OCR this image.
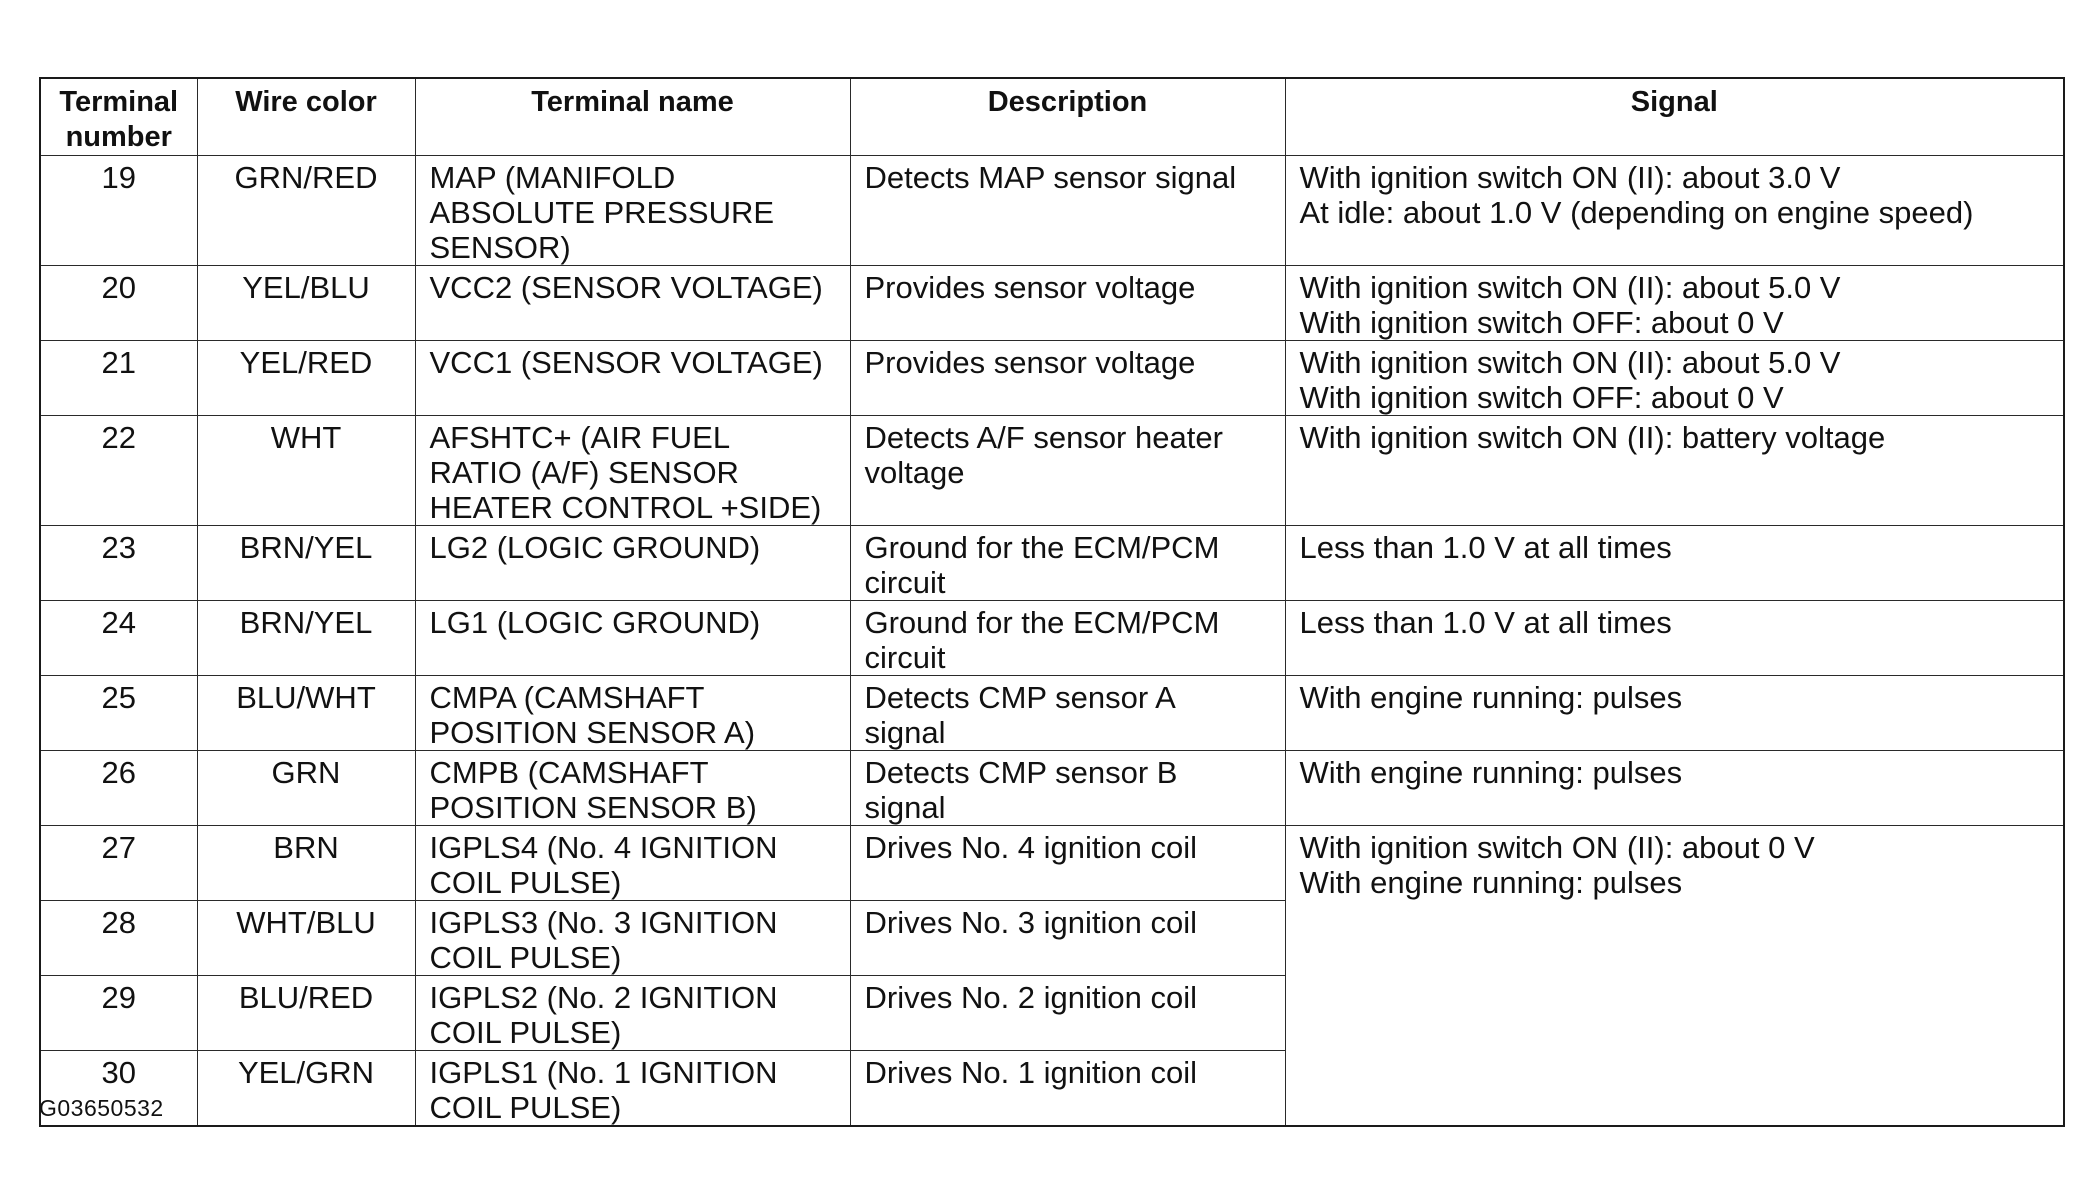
Terminal
number	Wire color	Terminal name	Description	Signal
19	GRN/RED	MAP (MANIFOLD
ABSOLUTE PRESSURE
SENSOR)	Detects MAP sensor signal	With ignition switch ON (II): about 3.0 V
At idle: about 1.0 V (depending on engine speed)

20	YEL/BLU	VCC2 (SENSOR VOLTAGE)	Provides sensor voltage	With ignition switch ON (II): about 5.0 V
With ignition switch OFF: about 0 V

21	YEL/RED	VCC1 (SENSOR VOLTAGE)	Provides sensor voltage	With ignition switch ON (II): about 5.0 V
With ignition switch OFF: about 0 V

22	WHT	AFSHTC+ (AIR FUEL
RATIO (A/F) SENSOR
HEATER CONTROL +SIDE)	Detects A/F sensor heater
voltage	With ignition switch ON (II): battery voltage

23	BRN/YEL	LG2 (LOGIC GROUND)	Ground for the ECM/PCM
circuit	Less than 1.0 V at all times

24	BRN/YEL	LG1 (LOGIC GROUND)	Ground for the ECM/PCM
circuit	Less than 1.0 V at all times

25	BLU/WHT	CMPA (CAMSHAFT
POSITION SENSOR A)	Detects CMP sensor A
signal	With engine running: pulses

26	GRN	CMPB (CAMSHAFT
POSITION SENSOR B)	Detects CMP sensor B
signal	With engine running: pulses

27	BRN	IGPLS4 (No. 4 IGNITION
COIL PULSE)	Drives No. 4 ignition coil	With ignition switch ON (II): about 0 V
With engine running: pulses

28	WHT/BLU	IGPLS3 (No. 3 IGNITION
COIL PULSE)	Drives No. 3 ignition coil	

29	BLU/RED	IGPLS2 (No. 2 IGNITION
COIL PULSE)	Drives No. 2 ignition coil	

30	YEL/GRN	IGPLS1 (No. 1 IGNITION
COIL PULSE)	Drives No. 1 ignition coil	
G03650532
